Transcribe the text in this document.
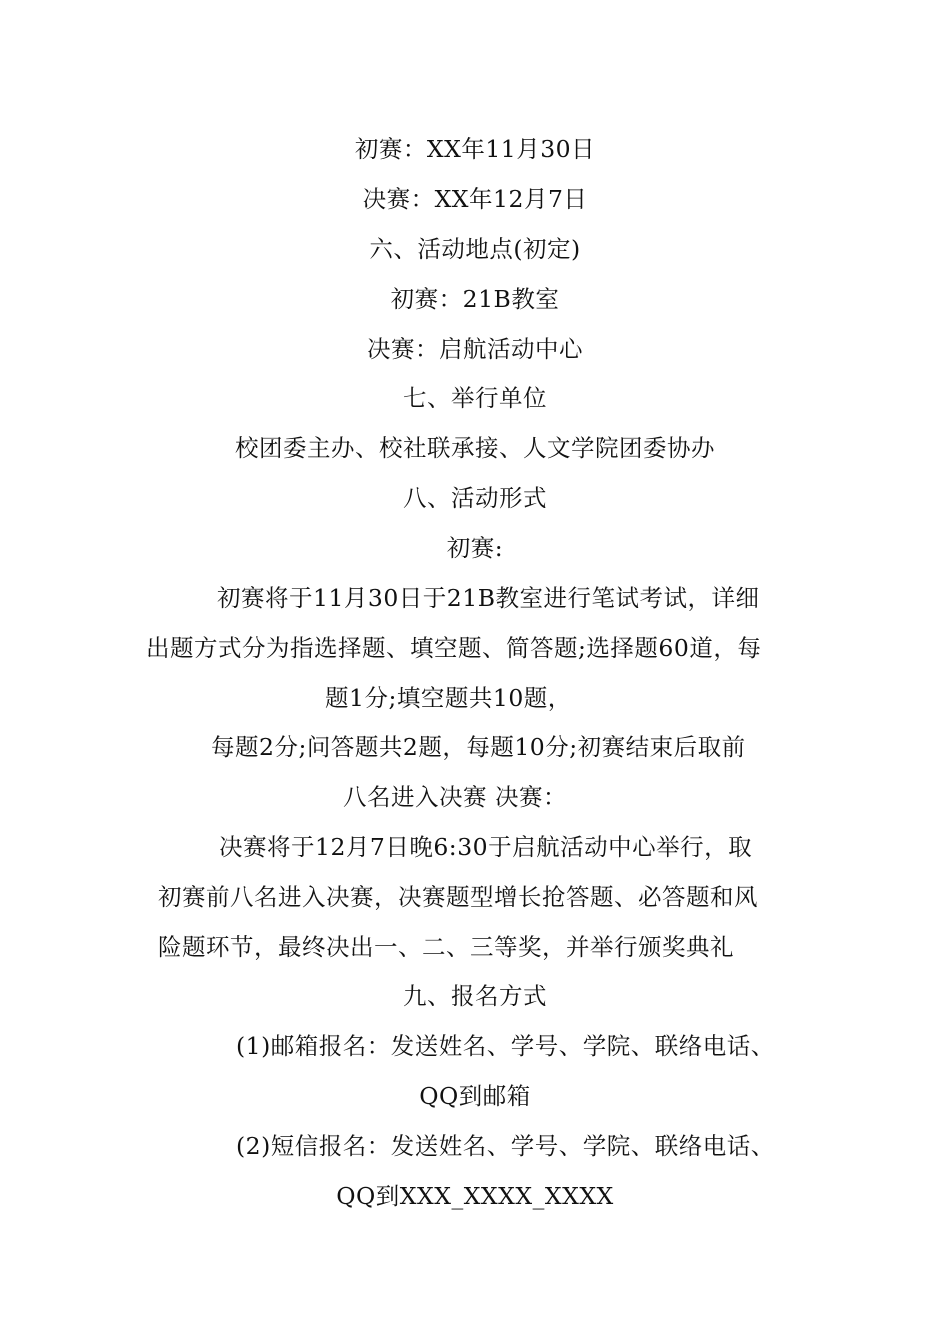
初赛：XX年11月30日
决赛：XX年12月7日
六、活动地点(初定)
初赛：21B教室
决赛：启航活动中心
七、举行单位
校团委主办、校社联承接、人文学院团委协办
八、活动形式
初赛:
初赛将于11月30日于21B教室进行笔试考试，详细
出题方式分为指选择题、填空题、简答题;选择题60道，每
题1分;填空题共10题，
每题2分;问答题共2题，每题10分;初赛结束后取前
八名进入决赛 决赛：
决赛将于12月7日晚6:30于启航活动中心举行，取
初赛前八名进入决赛，决赛题型增长抢答题、必答题和风
险题环节，最终决出一、二、三等奖，并举行颁奖典礼
九、报名方式
(1)邮箱报名：发送姓名、学号、学院、联络电话、
QQ到邮箱
(2)短信报名：发送姓名、学号、学院、联络电话、
QQ到XXX_XXXX_XXXX
